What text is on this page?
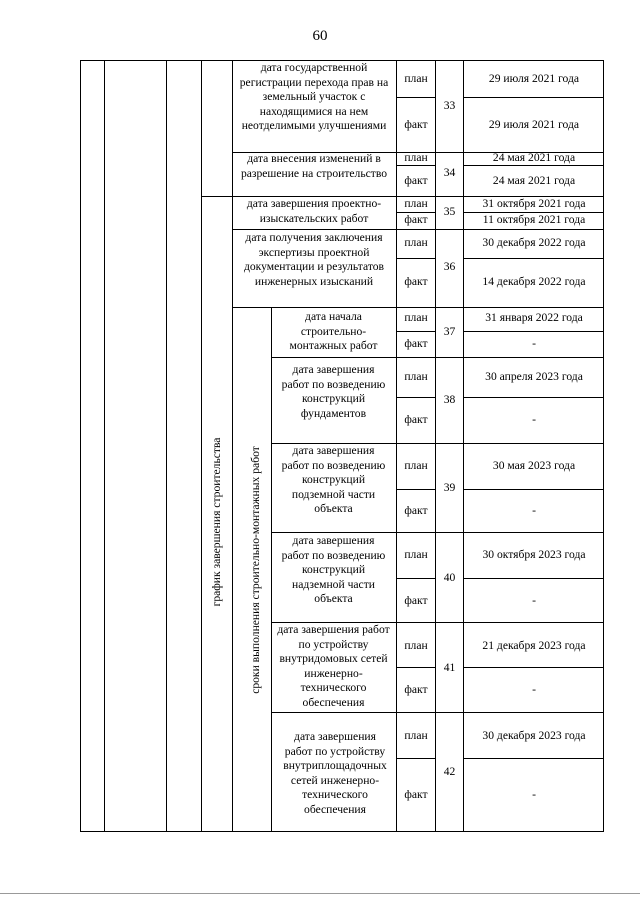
60
график завершения строительства сроки выполнения строительно-монтажных работ
дата государственной регистрации перехода прав на земельный участок с находящимися на нем неотделимыми улучшениями
план
факт
33
29 июля 2021 года
29 июля 2021 года
дата внесения изменений в разрешение на строительство
план
факт
34
24 мая 2021 года
24 мая 2021 года
дата завершения проектно-изыскательских работ
план
факт
35
31 октября 2021 года
11 октября 2021 года
дата получения заключения экспертизы проектной документации и результатов инженерных изысканий
план
факт
36
30 декабря 2022 года
14 декабря 2022 года
дата начала строительно-монтажных работ
план
факт
37
31 января 2022 года
-
дата завершения работ по возведению конструкций фундаментов
план
факт
38
30 апреля 2023 года
-
дата завершения работ по возведению конструкций подземной части объекта
план
факт
39
30 мая 2023 года
-
дата завершения работ по возведению конструкций надземной части объекта
план
факт
40
30 октября 2023 года
-
дата завершения работ по устройству внутридомовых сетей инженерно-технического обеспечения
план
факт
41
21 декабря 2023 года
-
дата завершения работ по устройству внутриплощадочных сетей инженерно-технического обеспечения
план
факт
42
30 декабря 2023 года
-
